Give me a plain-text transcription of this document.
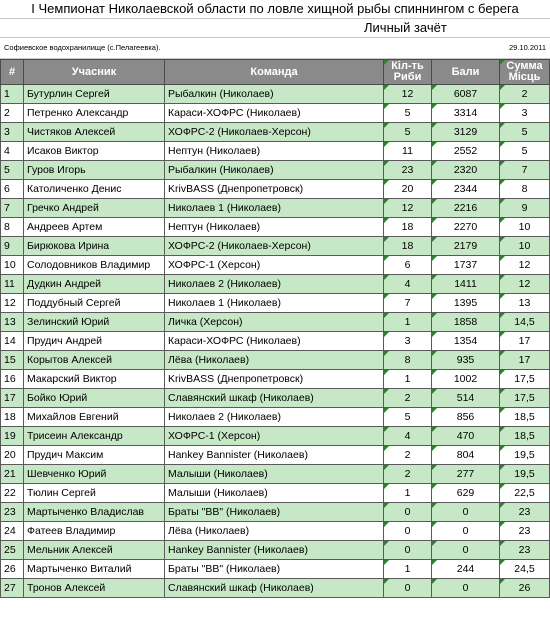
I Чемпионат Николаевской области по ловле хищной рыбы спиннингом с берега
Личный зачёт
Софиевское водохранилище (с.Пелагеевка).	29.10.2011
#	Учасник	Команда	Кіл-ть Риби	Бали	Сумма Місць
1	Бутурлин Сергей	Рыбалкин (Николаев)	12	6087	2
2	Петренко Александр	Караси-ХОФРС (Николаев)	5	3314	3
3	Чистяков Алексей	ХОФРС-2 (Николаев-Херсон)	5	3129	5
4	Исаков Виктор	Нептун (Николаев)	11	2552	5
5	Гуров Игорь	Рыбалкин (Николаев)	23	2320	7
6	Католиченко Денис	KrivBASS (Днепропетровск)	20	2344	8
7	Гречко Андрей	Николаев 1 (Николаев)	12	2216	9
8	Андреев Артем	Нептун (Николаев)	18	2270	10
9	Бирюкова Ирина	ХОФРС-2 (Николаев-Херсон)	18	2179	10
10	Солодовников Владимир	ХОФРС-1 (Херсон)	6	1737	12
11	Дудкин Андрей	Николаев 2 (Николаев)	4	1411	12
12	Поддубный Сергей	Николаев 1 (Николаев)	7	1395	13
13	Зелинский Юрий	Личка (Херсон)	1	1858	14,5
14	Прудич Андрей	Караси-ХОФРС (Николаев)	3	1354	17
15	Корытов Алексей	Лёва (Николаев)	8	935	17
16	Макарский Виктор	KrivBASS (Днепропетровск)	1	1002	17,5
17	Бойко Юрий	Славянский шкаф (Николаев)	2	514	17,5
18	Михайлов Евгений	Николаев 2 (Николаев)	5	856	18,5
19	Трисеин Александр	ХОФРС-1 (Херсон)	4	470	18,5
20	Прудич Максим	Hankey Bannister (Николаев)	2	804	19,5
21	Шевченко Юрий	Малыши (Николаев)	2	277	19,5
22	Тюлин Сергей	Малыши (Николаев)	1	629	22,5
23	Мартыченко Владислав	Браты "ВВ" (Николаев)	0	0	23
24	Фатеев Владимир	Лёва (Николаев)	0	0	23
25	Мельник Алексей	Hankey Bannister (Николаев)	0	0	23
26	Мартыченко Виталий	Браты "ВВ" (Николаев)	1	244	24,5
27	Тронов Алексей	Славянский шкаф (Николаев)	0	0	26
